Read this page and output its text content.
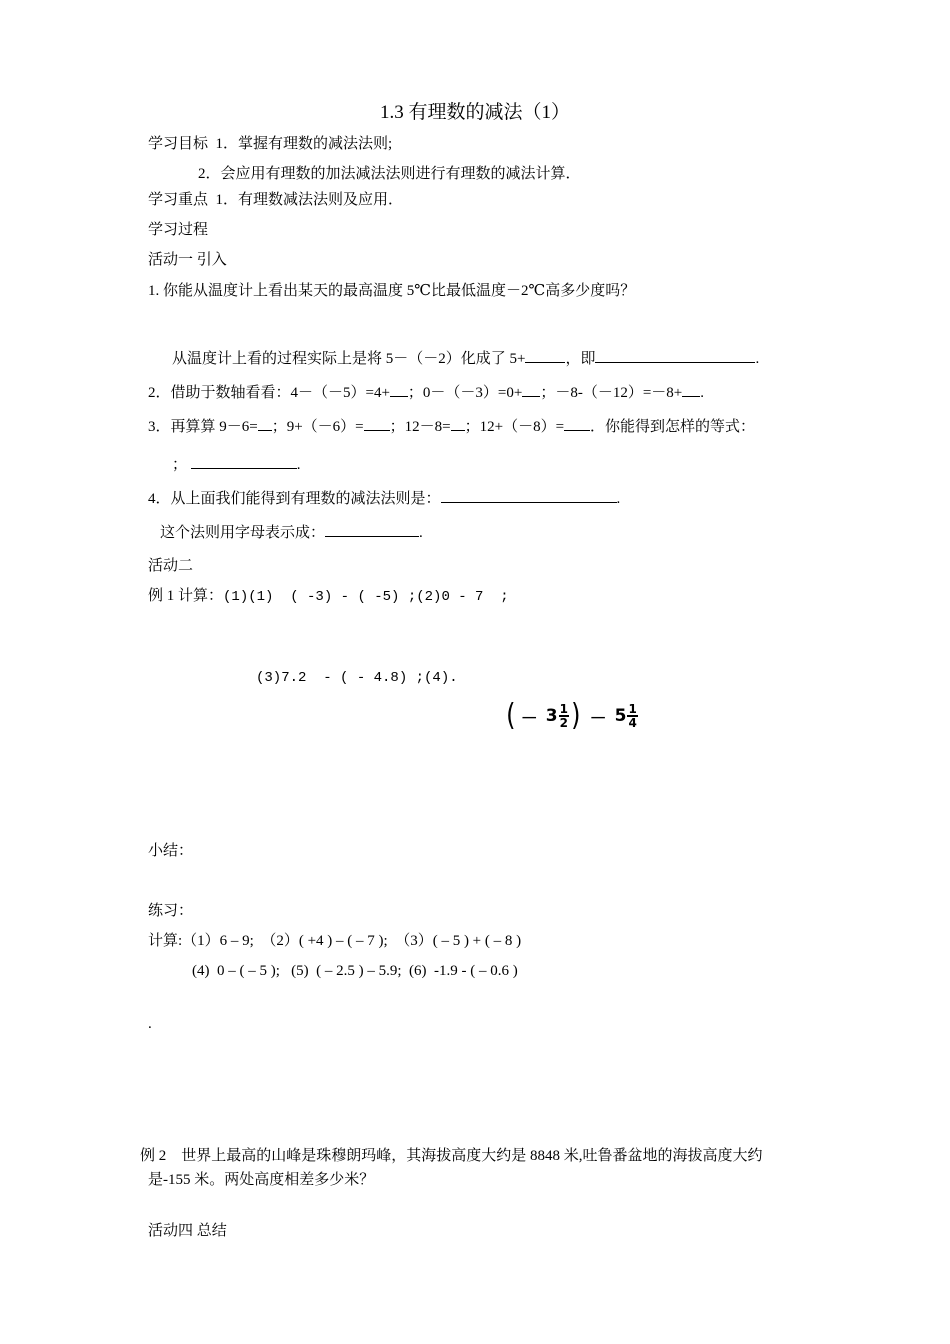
1.3 有理数的减法（1）
学习目标 1．掌握有理数的减法法则;
2．会应用有理数的加法减法法则进行有理数的减法计算．
学习重点 1．有理数减法法则及应用．
学习过程
活动一 引入
1. 你能从温度计上看出某天的最高温度 5℃比最低温度－2℃高多少度吗？
从温度计上看的过程实际上是将 5－（－2）化成了 5+	，即	.
2．借助于数轴看看：4－（－5）=4+ ；0－（－3）=0+ ；－8-（－12）=－8+ .
3．再算算 9－6= ；9+（－6）= ；12－8= ；12+（－8）= ．你能得到怎样的等式：
；	.
4．从上面我们能得到有理数的减法法则是：	.
这个法则用字母表示成：	.
活动二
例 1 计算：(1)(1)  ( -3) - ( -5) ;(2)0 - 7  ;
(3)7.2  - ( - 4.8) ;(4).
( － $3 \frac{1}{2}$ ) － $5 \frac{1}{4}$
小结：
练习：
计算:（1）6 – 9;  （2）( +4 ) – ( – 7 );  （3）( – 5 ) + ( – 8 )
(4)  0 – ( – 5 );   (5)  ( – 2.5 ) – 5.9;  (6)  -1.9 - ( – 0.6 )
.
例 2    世界上最高的山峰是珠穆朗玛峰，其海拔高度大约是 8848 米,吐鲁番盆地的海拔高度大约
是-155 米。两处高度相差多少米？
活动四 总结
